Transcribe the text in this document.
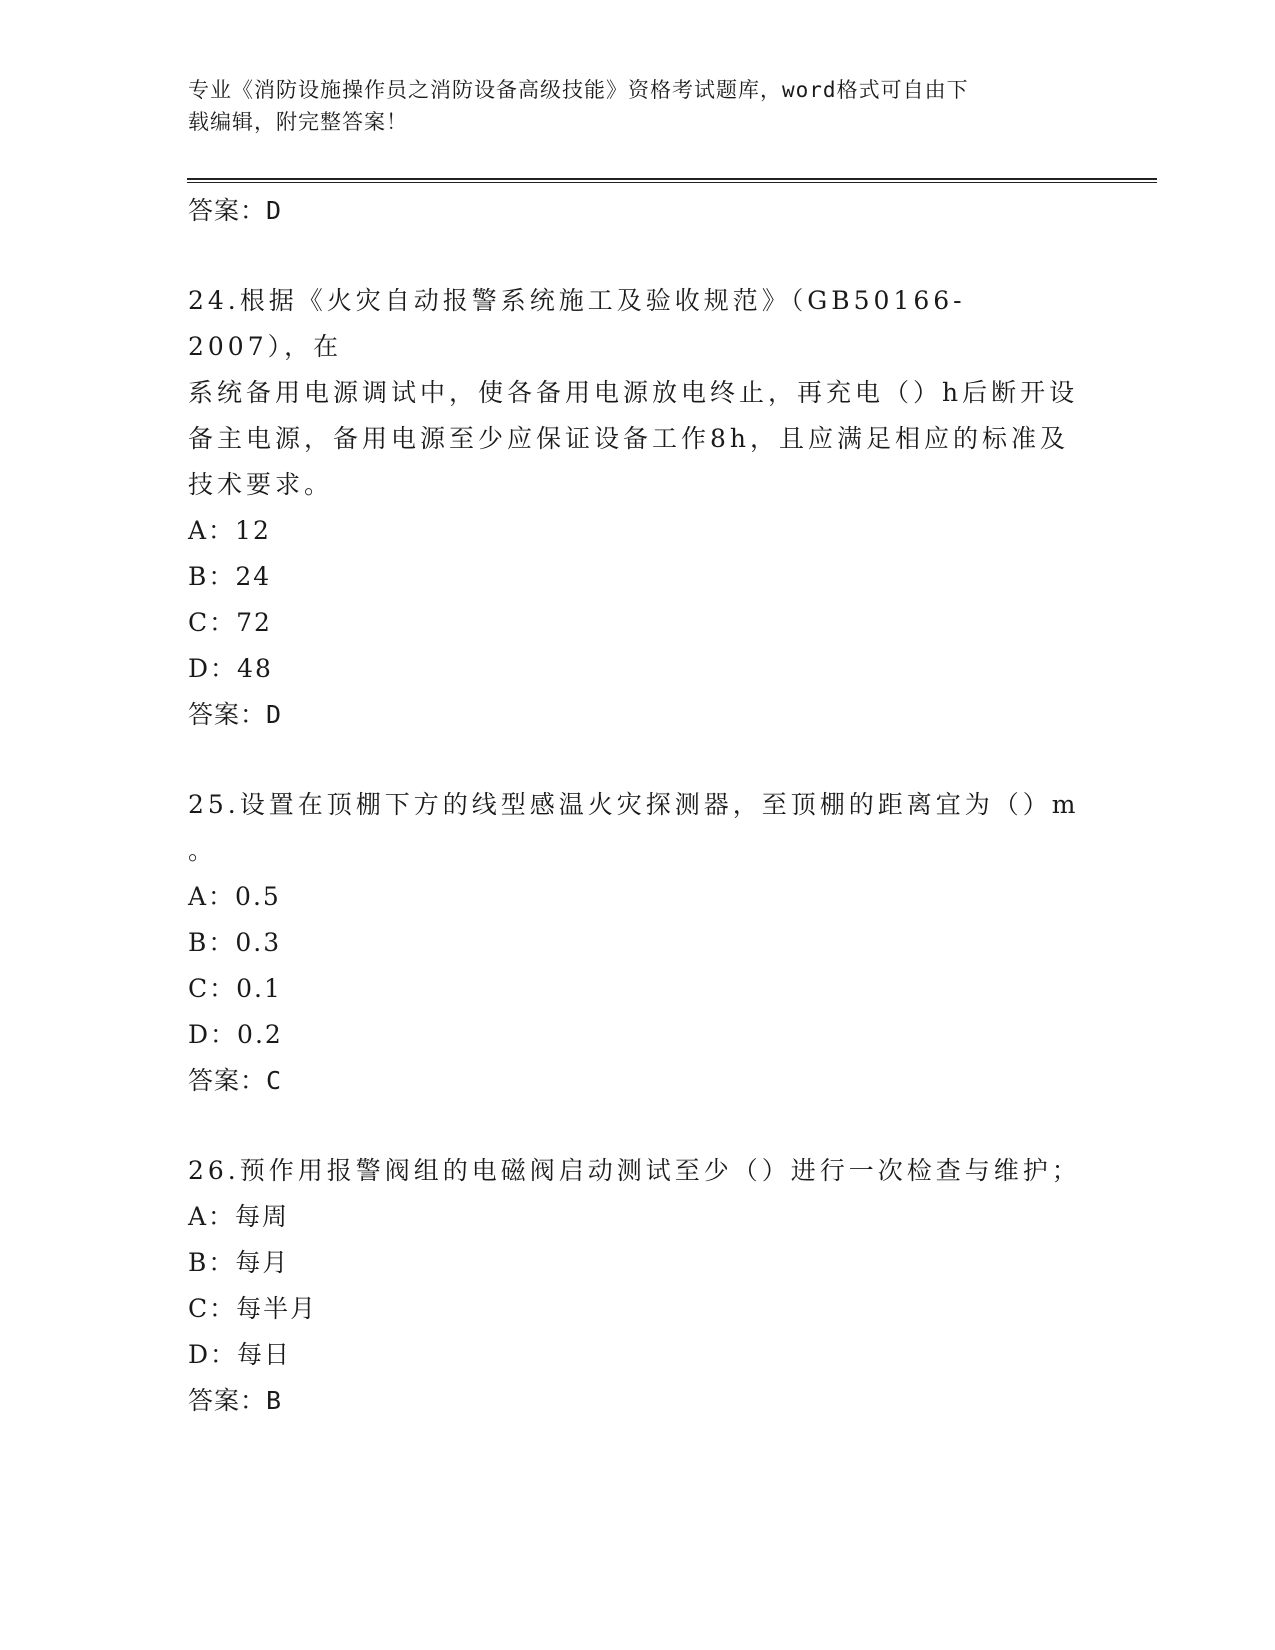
专业《消防设施操作员之消防设备高级技能》资格考试题库，word格式可自由下
载编辑，附完整答案！
答案：D
24.根据《火灾自动报警系统施工及验收规范》（GB50166-2007），在
系统备用电源调试中，使各备用电源放电终止，再充电（）h后断开设
备主电源，备用电源至少应保证设备工作8h，且应满足相应的标准及
技术要求。
A：12
B：24
C：72
D：48
答案：D
25.设置在顶棚下方的线型感温火灾探测器，至顶棚的距离宜为（）m
。
A：0.5
B：0.3
C：0.1
D：0.2
答案：C
26.预作用报警阀组的电磁阀启动测试至少（）进行一次检查与维护；
A：每周
B：每月
C：每半月
D：每日
答案：B
